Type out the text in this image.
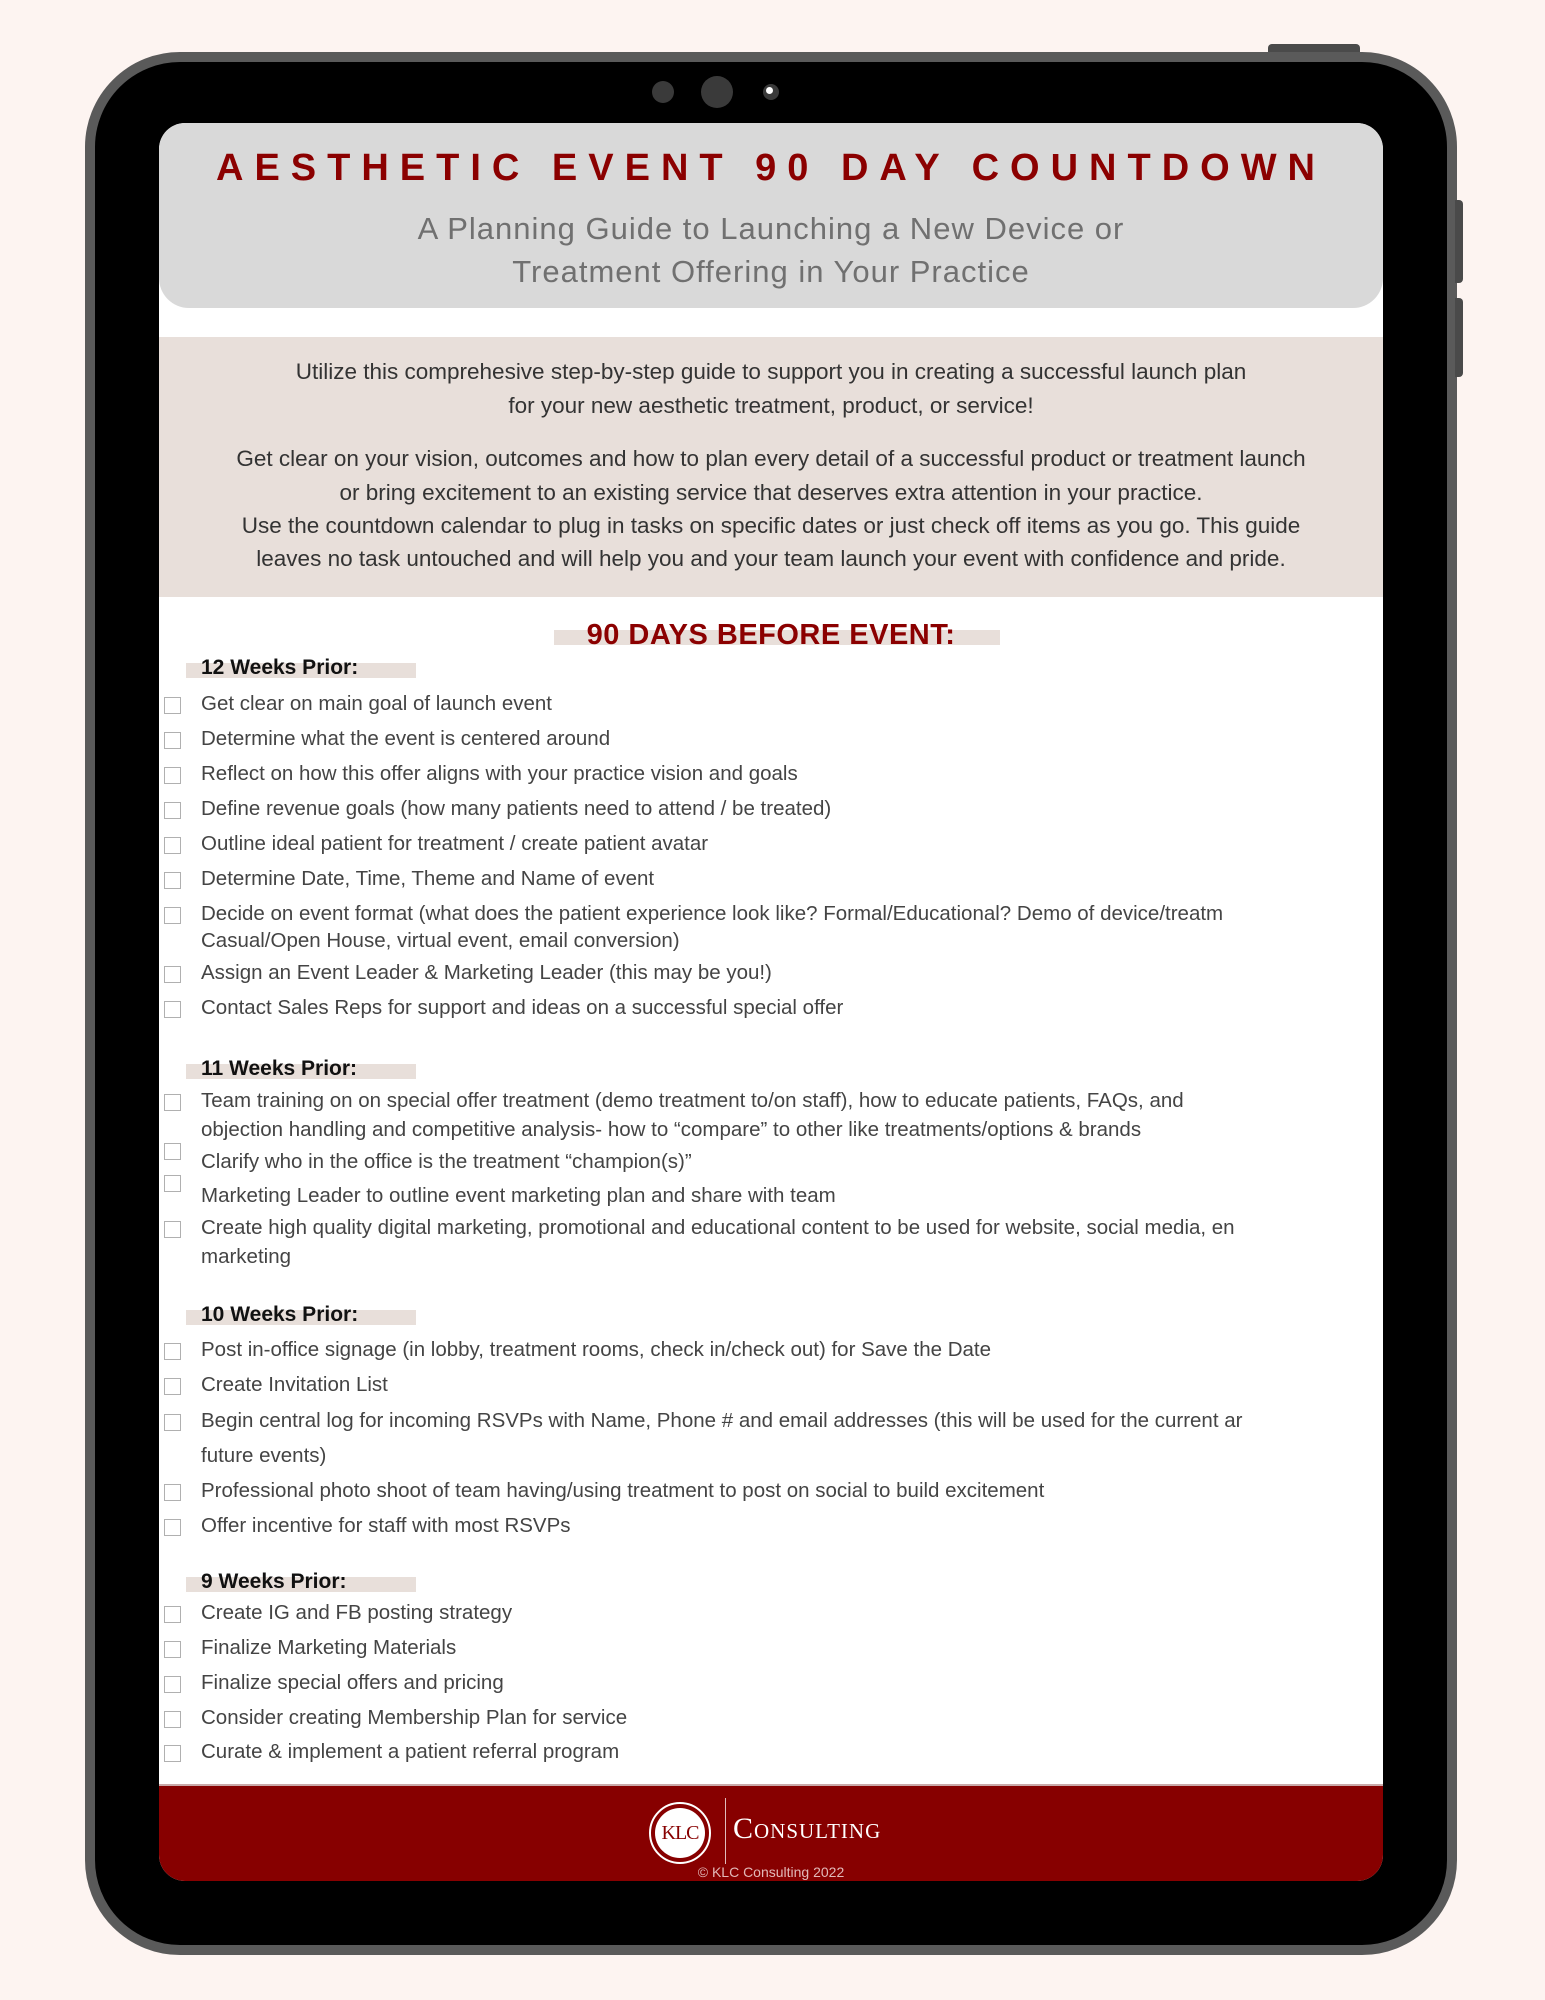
AESTHETIC EVENT 90 DAY COUNTDOWN
A Planning Guide to Launching a New Device or
Treatment Offering in Your Practice
Utilize this comprehesive step-by-step guide to support you in creating a successful launch plan
for your new aesthetic treatment, product, or service!
Get clear on your vision, outcomes and how to plan every detail of a successful product or treatment launch
or bring excitement to an existing service that deserves extra attention in your practice.
Use the countdown calendar to plug in tasks on specific dates or just check off items as you go. This guide
leaves no task untouched and will help you and your team launch your event with confidence and pride.
90 DAYS BEFORE EVENT:
12 Weeks Prior:
Get clear on main goal of launch event
Determine what the event is centered around
Reflect on how this offer aligns with your practice vision and goals
Define revenue goals (how many patients need to attend / be treated)
Outline ideal patient for treatment / create patient avatar
Determine Date, Time, Theme and Name of event
Decide on event format (what does the patient experience look like? Formal/Educational? Demo of device/treatm
Casual/Open House, virtual event, email conversion)
Assign an Event Leader & Marketing Leader (this may be you!)
Contact Sales Reps for support and ideas on a successful special offer
11 Weeks Prior:
Team training on on special offer treatment (demo treatment to/on staff), how to educate patients, FAQs, and
objection handling and competitive analysis- how to “compare” to other like treatments/options & brands
Clarify who in the office is the treatment “champion(s)”
Marketing Leader to outline event marketing plan and share with team
Create high quality digital marketing, promotional and educational content to be used for website, social media, en
marketing
10 Weeks Prior:
Post in-office signage (in lobby, treatment rooms, check in/check out) for Save the Date
Create Invitation List
Begin central log for incoming RSVPs with Name, Phone # and email addresses (this will be used for the current ar
future events)
Professional photo shoot of team having/using treatment to post on social to build excitement
Offer incentive for staff with most RSVPs
9 Weeks Prior:
Create IG and FB posting strategy
Finalize Marketing Materials
Finalize special offers and pricing
Consider creating Membership Plan for service
Curate & implement a patient referral program
KLC Consulting
© KLC Consulting 2022
